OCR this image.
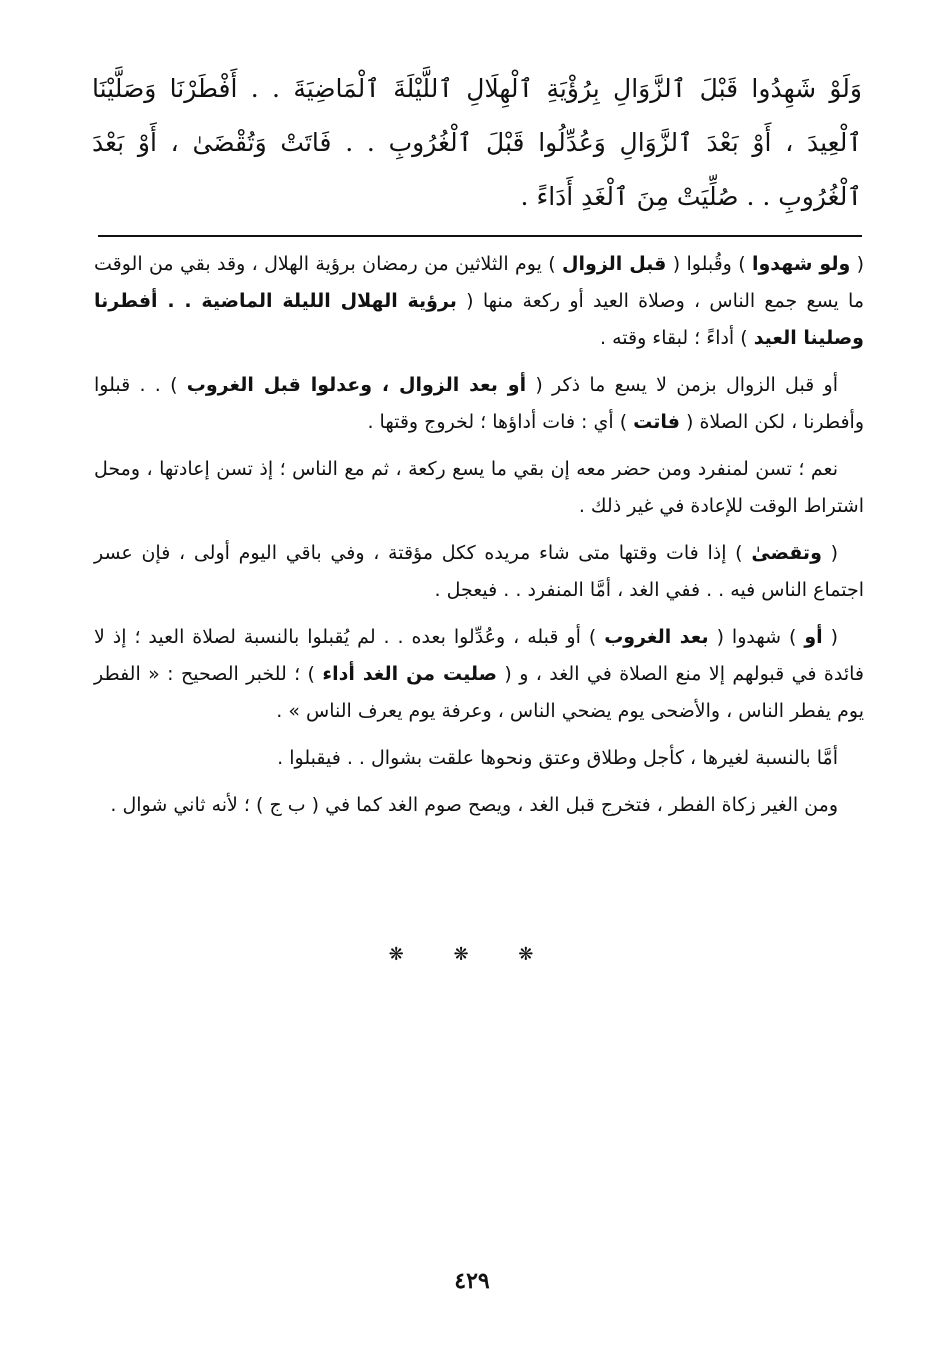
وَلَوْ شَهِدُوا قَبْلَ ٱلزَّوَالِ بِرُؤْيَةِ ٱلْهِلَالِ ٱللَّيْلَةَ ٱلْمَاضِيَةَ . . أَفْطَرْنَا وَصَلَّيْنَا ٱلْعِيدَ ، أَوْ بَعْدَ ٱلزَّوَالِ وَعُدِّلُوا قَبْلَ ٱلْغُرُوبِ . . فَاتَتْ وَتُقْضَىٰ ، أَوْ بَعْدَ ٱلْغُرُوبِ . . صُلِّيَتْ مِنَ ٱلْغَدِ أَدَاءً .

( ولو شهدوا ) وقُبلوا ( قبل الزوال ) يوم الثلاثين من رمضان برؤية الهلال ، وقد بقي من الوقت ما يسع جمع الناس ، وصلاة العيد أو ركعة منها ( برؤية الهلال الليلة الماضية . . أفطرنا وصلينا العيد ) أداءً ؛ لبقاء وقته .

أو قبل الزوال بزمن لا يسع ما ذكر ( أو بعد الزوال ، وعدلوا قبل الغروب ) . . قبلوا وأفطرنا ، لكن الصلاة ( فاتت ) أي : فات أداؤها ؛ لخروج وقتها .

نعم ؛ تسن لمنفرد ومن حضر معه إن بقي ما يسع ركعة ، ثم مع الناس ؛ إذ تسن إعادتها ، ومحل اشتراط الوقت للإعادة في غير ذلك .

( وتقضىٰ ) إذا فات وقتها متى شاء مريده ككل مؤقتة ، وفي باقي اليوم أولى ، فإن عسر اجتماع الناس فيه . . ففي الغد ، أمَّا المنفرد . . فيعجل .

( أو ) شهدوا ( بعد الغروب ) أو قبله ، وعُدِّلوا بعده . . لم يُقبلوا بالنسبة لصلاة العيد ؛ إذ لا فائدة في قبولهم إلا منع الصلاة في الغد ، و ( صليت من الغد أداء ) ؛ للخبر الصحيح : « الفطر يوم يفطر الناس ، والأضحى يوم يضحي الناس ، وعرفة يوم يعرف الناس » .

أمَّا بالنسبة لغيرها ، كأجل وطلاق وعتق ونحوها علقت بشوال . . فيقبلوا .

ومن الغير زكاة الفطر ، فتخرج قبل الغد ، ويصح صوم الغد كما في ( ب ج ) ؛ لأنه ثاني شوال .

❋ ❋ ❋
٤٢٩
